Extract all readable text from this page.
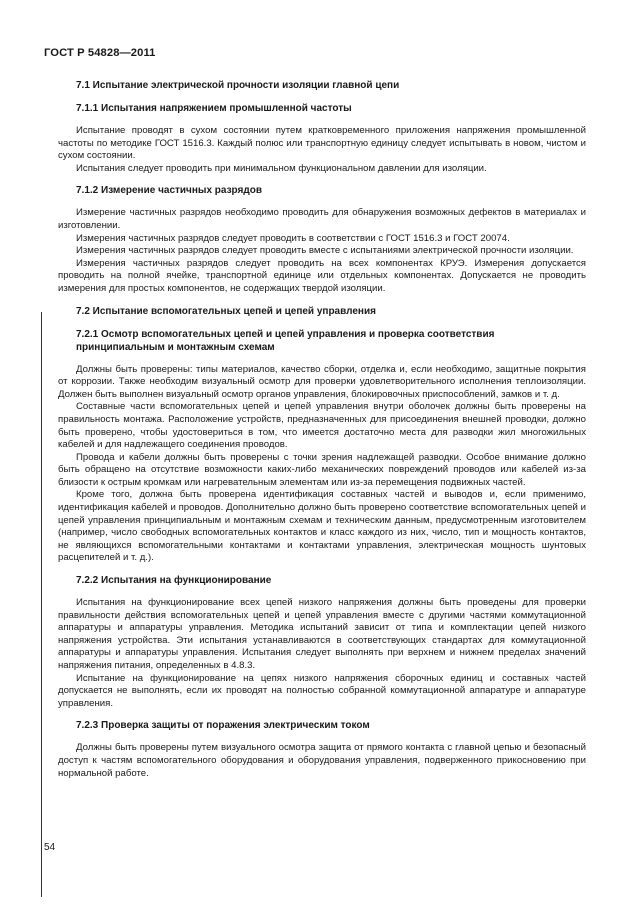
ГОСТ Р 54828—2011
7.1 Испытание электрической прочности изоляции главной цепи
7.1.1 Испытания напряжением промышленной частоты

Испытание проводят в сухом состоянии путем кратковременного приложения напряжения промышленной частоты по методике ГОСТ 1516.3. Каждый полюс или транспортную единицу следует испытывать в новом, чистом и сухом состоянии.

Испытания следует проводить при минимальном функциональном давлении для изоляции.

7.1.2 Измерение частичных разрядов

Измерение частичных разрядов необходимо проводить для обнаружения возможных дефектов в материалах и изготовлении.

Измерения частичных разрядов следует проводить в соответствии с ГОСТ 1516.3 и ГОСТ 20074.

Измерения частичных разрядов следует проводить вместе с испытаниями электрической прочности изоляции.

Измерения частичных разрядов следует проводить на всех компонентах КРУЭ. Измерения допускается проводить на полной ячейке, транспортной единице или отдельных компонентах. Допускается не проводить измерения для простых компонентов, не содержащих твердой изоляции.

7.2 Испытание вспомогательных цепей и цепей управления
7.2.1 Осмотр вспомогательных цепей и цепей управления и проверка соответствия принципиальным и монтажным схемам

Должны быть проверены: типы материалов, качество сборки, отделка и, если необходимо, защитные покрытия от коррозии. Также необходим визуальный осмотр для проверки удовлетворительного исполнения теплоизоляции. Должен быть выполнен визуальный осмотр органов управления, блокировочных приспособлений, замков и т. д.

Составные части вспомогательных цепей и цепей управления внутри оболочек должны быть проверены на правильность монтажа. Расположение устройств, предназначенных для присоединения внешней проводки, должно быть проверено, чтобы удостовериться в том, что имеется достаточно места для разводки жил многожильных кабелей и для надлежащего соединения проводов.

Провода и кабели должны быть проверены с точки зрения надлежащей разводки. Особое внимание должно быть обращено на отсутствие возможности каких-либо механических повреждений проводов или кабелей из-за близости к острым кромкам или нагревательным элементам или из-за перемещения подвижных частей.

Кроме того, должна быть проверена идентификация составных частей и выводов и, если применимо, идентификация кабелей и проводов. Дополнительно должно быть проверено соответствие вспомогательных цепей и цепей управления принципиальным и монтажным схемам и техническим данным, предусмотренным изготовителем (например, число свободных вспомогательных контактов и класс каждого из них, число, тип и мощность контактов, не являющихся вспомогательными контактами и контактами управления, электрическая мощность шунтовых расцепителей и т. д.).

7.2.2 Испытания на функционирование

Испытания на функционирование всех цепей низкого напряжения должны быть проведены для проверки правильности действия вспомогательных цепей и цепей управления вместе с другими частями коммутационной аппаратуры и аппаратуры управления. Методика испытаний зависит от типа и комплектации цепей низкого напряжения устройства. Эти испытания устанавливаются в соответствующих стандартах для коммутационной аппаратуры и аппаратуры управления. Испытания следует выполнять при верхнем и нижнем пределах значений напряжения питания, определенных в 4.8.3.

Испытание на функционирование на цепях низкого напряжения сборочных единиц и составных частей допускается не выполнять, если их проводят на полностью собранной коммутационной аппаратуре и аппаратуре управления.

7.2.3 Проверка защиты от поражения электрическим током

Должны быть проверены путем визуального осмотра защита от прямого контакта с главной цепью и безопасный доступ к частям вспомогательного оборудования и оборудования управления, подверженного прикосновению при нормальной работе.

54
